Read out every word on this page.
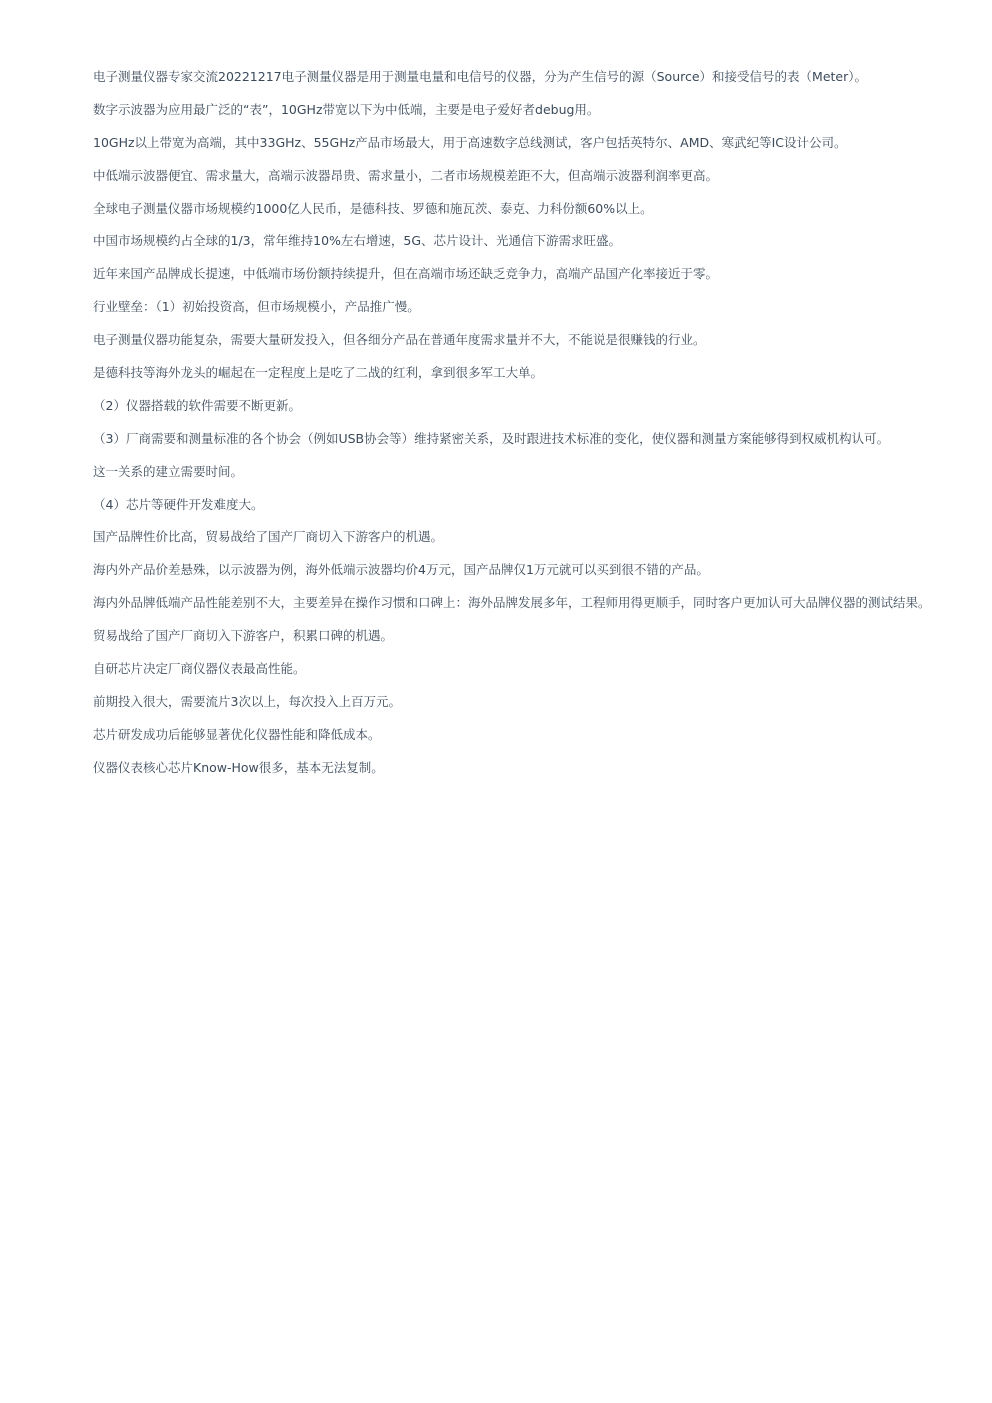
电子测量仪器专家交流20221217电子测量仪器是用于测量电量和电信号的仪器，分为产生信号的源（Source）和接受信号的表（Meter）。

数字示波器为应用最广泛的“表”，10GHz带宽以下为中低端，主要是电子爱好者debug用。

10GHz以上带宽为高端，其中33GHz、55GHz产品市场最大，用于高速数字总线测试，客户包括英特尔、AMD、寒武纪等IC设计公司。

中低端示波器便宜、需求量大，高端示波器昂贵、需求量小，二者市场规模差距不大，但高端示波器利润率更高。

全球电子测量仪器市场规模约1000亿人民币，是德科技、罗德和施瓦茨、泰克、力科份额60%以上。

中国市场规模约占全球的1/3，常年维持10%左右增速，5G、芯片设计、光通信下游需求旺盛。

近年来国产品牌成长提速，中低端市场份额持续提升，但在高端市场还缺乏竞争力，高端产品国产化率接近于零。

行业壁垒：（1）初始投资高，但市场规模小，产品推广慢。

电子测量仪器功能复杂，需要大量研发投入，但各细分产品在普通年度需求量并不大，不能说是很赚钱的行业。

是德科技等海外龙头的崛起在一定程度上是吃了二战的红利，拿到很多军工大单。

（2）仪器搭载的软件需要不断更新。

（3）厂商需要和测量标准的各个协会（例如USB协会等）维持紧密关系，及时跟进技术标准的变化，使仪器和测量方案能够得到权威机构认可。

这一关系的建立需要时间。

（4）芯片等硬件开发难度大。

国产品牌性价比高，贸易战给了国产厂商切入下游客户的机遇。

海内外产品价差悬殊，以示波器为例，海外低端示波器均价4万元，国产品牌仅1万元就可以买到很不错的产品。

海内外品牌低端产品性能差别不大，主要差异在操作习惯和口碑上：海外品牌发展多年，工程师用得更顺手，同时客户更加认可大品牌仪器的测试结果。

贸易战给了国产厂商切入下游客户，积累口碑的机遇。

自研芯片决定厂商仪器仪表最高性能。

前期投入很大，需要流片3次以上，每次投入上百万元。

芯片研发成功后能够显著优化仪器性能和降低成本。

仪器仪表核心芯片Know-How很多，基本无法复制。
